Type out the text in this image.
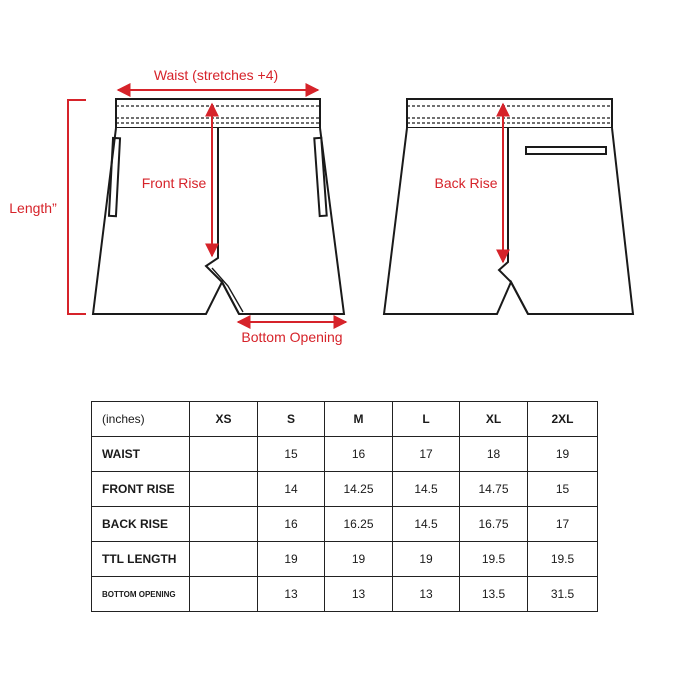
Waist (stretches +4)
Front Rise	Back Rise
Length”
Bottom Opening
(inches)	XS	S	M	L	XL	2XL
WAIST		15	16	17	18	19
FRONT RISE		14	14.25	14.5	14.75	15
BACK RISE		16	16.25	14.5	16.75	17
TTL LENGTH		19	19	19	19.5	19.5
BOTTOM OPENING		13	13	13	13.5	31.5
